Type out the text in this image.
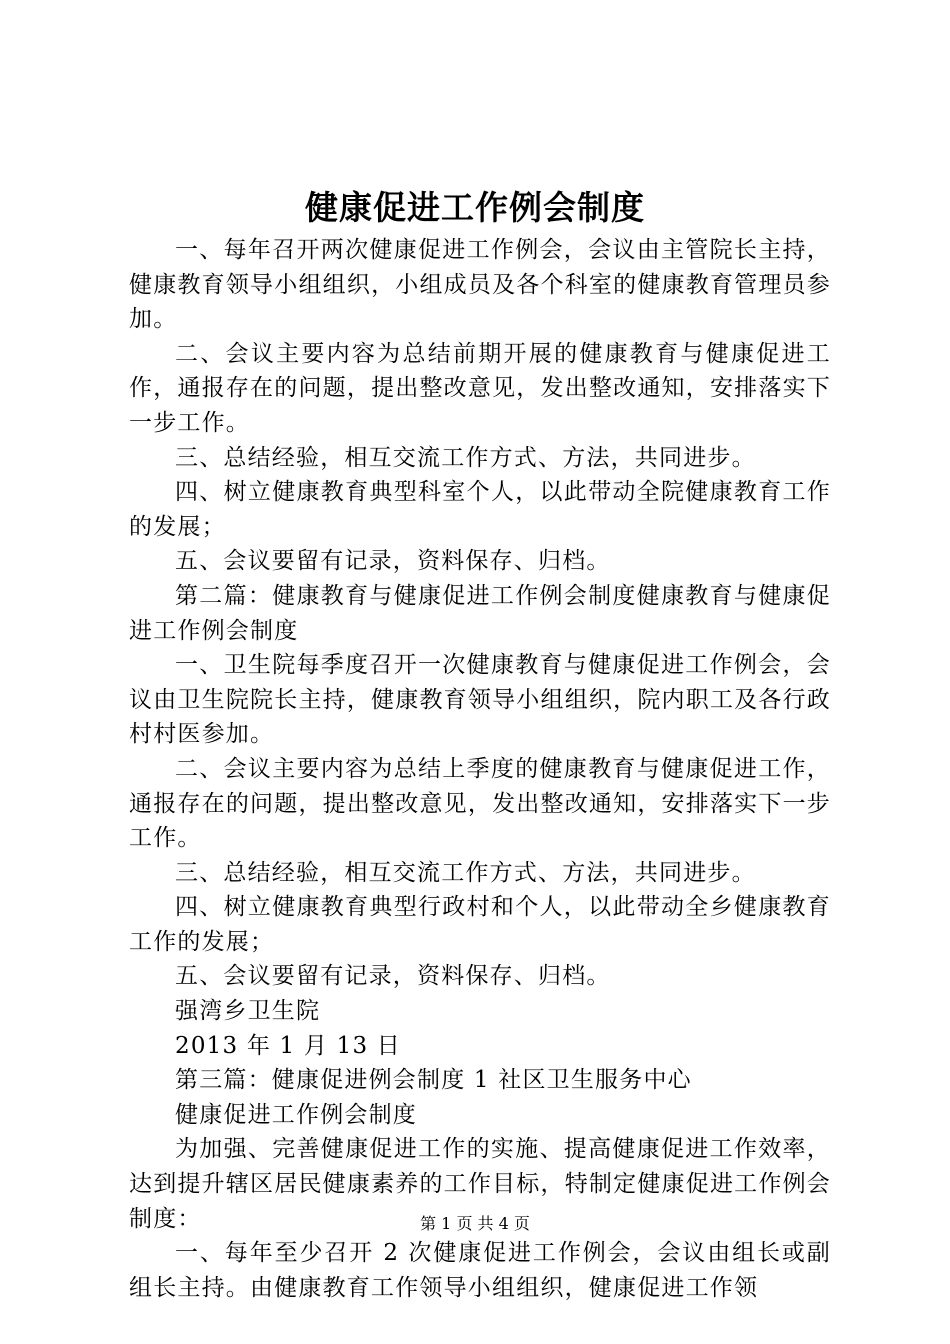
健康促进工作例会制度

一、每年召开两次健康促进工作例会，会议由主管院长主持，健康教育领导小组组织，小组成员及各个科室的健康教育管理员参加。

二、会议主要内容为总结前期开展的健康教育与健康促进工作，通报存在的问题，提出整改意见，发出整改通知，安排落实下一步工作。

三、总结经验，相互交流工作方式、方法，共同进步。

四、树立健康教育典型科室个人，以此带动全院健康教育工作的发展；

五、会议要留有记录，资料保存、归档。

第二篇：健康教育与健康促进工作例会制度健康教育与健康促进工作例会制度

一、卫生院每季度召开一次健康教育与健康促进工作例会，会议由卫生院院长主持，健康教育领导小组组织，院内职工及各行政村村医参加。

二、会议主要内容为总结上季度的健康教育与健康促进工作，通报存在的问题，提出整改意见，发出整改通知，安排落实下一步工作。

三、总结经验，相互交流工作方式、方法，共同进步。

四、树立健康教育典型行政村和个人，以此带动全乡健康教育工作的发展；

五、会议要留有记录，资料保存、归档。

强湾乡卫生院

2013 年 1 月 13 日

第三篇：健康促进例会制度 1 社区卫生服务中心

健康促进工作例会制度

为加强、完善健康促进工作的实施、提高健康促进工作效率，达到提升辖区居民健康素养的工作目标，特制定健康促进工作例会制度：

一、每年至少召开 2 次健康促进工作例会，会议由组长或副组长主持。由健康教育工作领导小组组织，健康促进工作领

第 1 页 共 4 页
